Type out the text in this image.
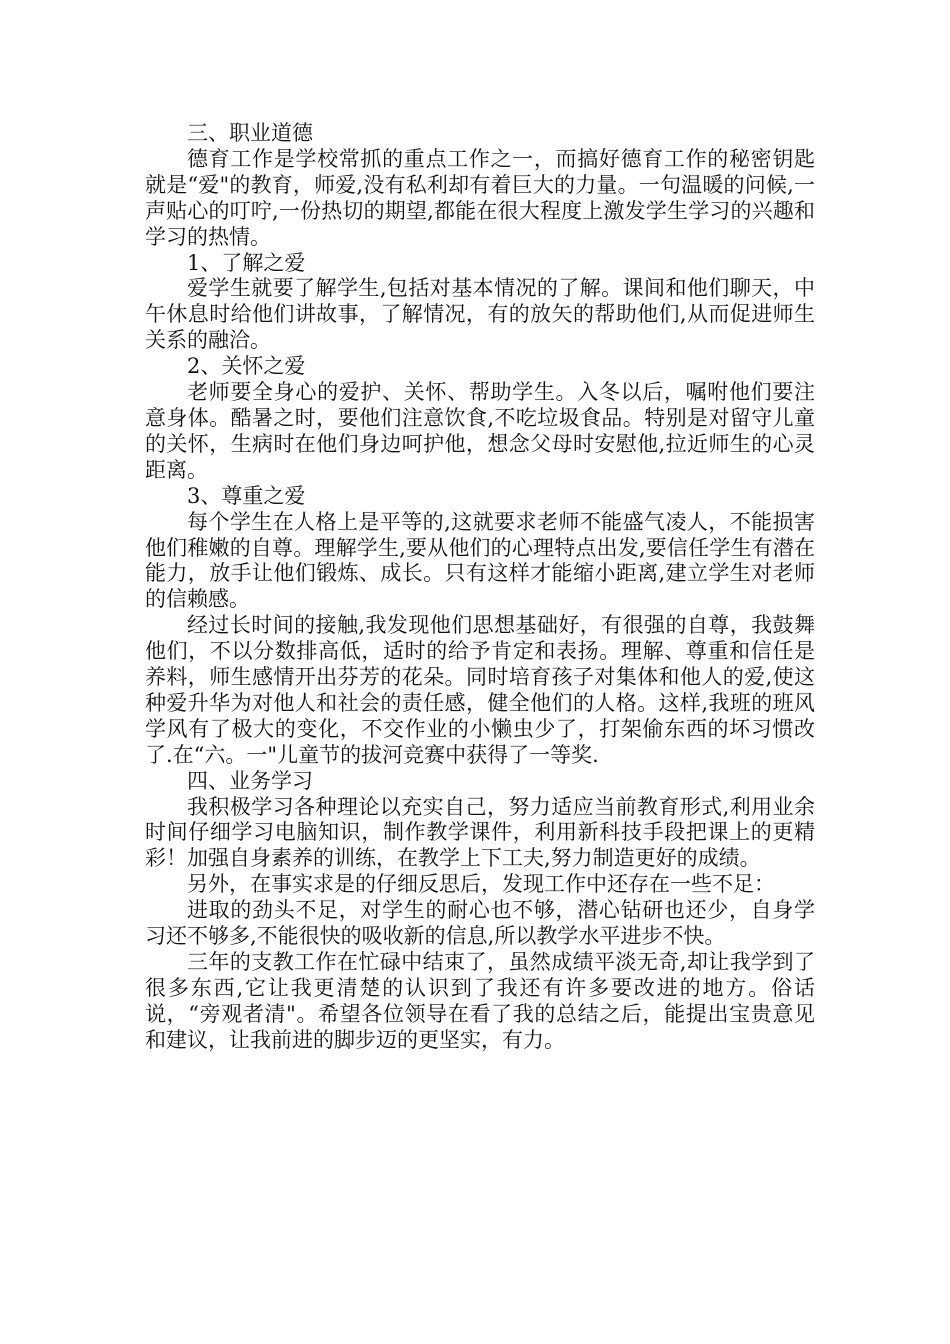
三、职业道德

德育工作是学校常抓的重点工作之一，而搞好德育工作的秘密钥匙就是“爱"的教育，师爱,没有私利却有着巨大的力量。一句温暖的问候,一声贴心的叮咛,一份热切的期望,都能在很大程度上激发学生学习的兴趣和学习的热情。

1、了解之爱

爱学生就要了解学生,包括对基本情况的了解。课间和他们聊天，中午休息时给他们讲故事，了解情况，有的放矢的帮助他们,从而促进师生关系的融洽。

2、关怀之爱

老师要全身心的爱护、关怀、帮助学生。入冬以后，嘱咐他们要注意身体。酷暑之时，要他们注意饮食,不吃垃圾食品。特别是对留守儿童的关怀，生病时在他们身边呵护他，想念父母时安慰他,拉近师生的心灵距离。

3、尊重之爱

每个学生在人格上是平等的,这就要求老师不能盛气凌人，不能损害他们稚嫩的自尊。理解学生,要从他们的心理特点出发,要信任学生有潜在能力，放手让他们锻炼、成长。只有这样才能缩小距离,建立学生对老师的信赖感。

经过长时间的接触,我发现他们思想基础好，有很强的自尊，我鼓舞他们，不以分数排高低，适时的给予肯定和表扬。理解、尊重和信任是养料，师生感情开出芬芳的花朵。同时培育孩子对集体和他人的爱,使这种爱升华为对他人和社会的责任感，健全他们的人格。这样,我班的班风学风有了极大的变化，不交作业的小懒虫少了，打架偷东西的坏习惯改了.在“六。一"儿童节的拔河竞赛中获得了一等奖.

四、业务学习

我积极学习各种理论以充实自己，努力适应当前教育形式,利用业余时间仔细学习电脑知识，制作教学课件，利用新科技手段把课上的更精彩！加强自身素养的训练，在教学上下工夫,努力制造更好的成绩。

另外，在事实求是的仔细反思后，发现工作中还存在一些不足：

进取的劲头不足，对学生的耐心也不够，潜心钻研也还少，自身学习还不够多,不能很快的吸收新的信息,所以教学水平进步不快。

三年的支教工作在忙碌中结束了，虽然成绩平淡无奇,却让我学到了很多东西,它让我更清楚的认识到了我还有许多要改进的地方。俗话说，“旁观者清"。希望各位领导在看了我的总结之后，能提出宝贵意见和建议，让我前进的脚步迈的更坚实，有力。
